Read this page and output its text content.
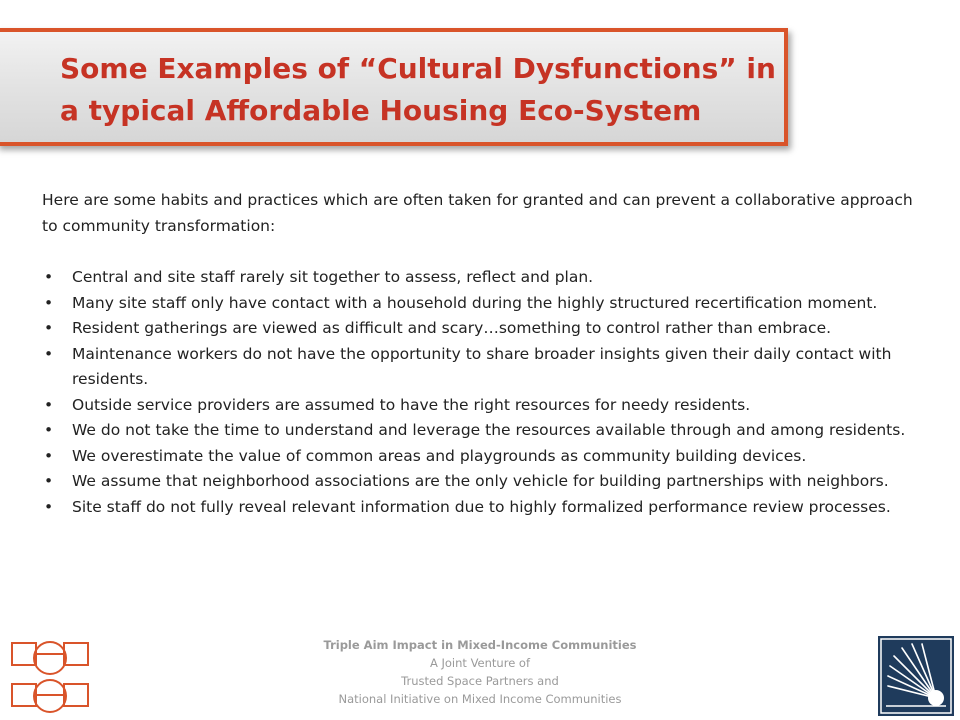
Some Examples of “Cultural Dysfunctions” in a typical Affordable Housing Eco-System

Here are some habits and practices which are often taken for granted and can prevent a collaborative approach to community transformation:

• Central and site staff rarely sit together to assess, reflect and plan.
• Many site staff only have contact with a household during the highly structured recertification moment.
• Resident gatherings are viewed as difficult and scary…something to control rather than embrace.
• Maintenance workers do not have the opportunity to share broader insights given their daily contact with residents.
• Outside service providers are assumed to have the right resources for needy residents.
• We do not take the time to understand and leverage the resources available through and among residents.
• We overestimate the value of common areas and playgrounds as community building devices.
• We assume that neighborhood associations are the only vehicle for building partnerships with neighbors.
• Site staff do not fully reveal relevant information due to highly formalized performance review processes.
Triple Aim Impact in Mixed-Income Communities
A Joint Venture of
Trusted Space Partners and
National Initiative on Mixed Income Communities
